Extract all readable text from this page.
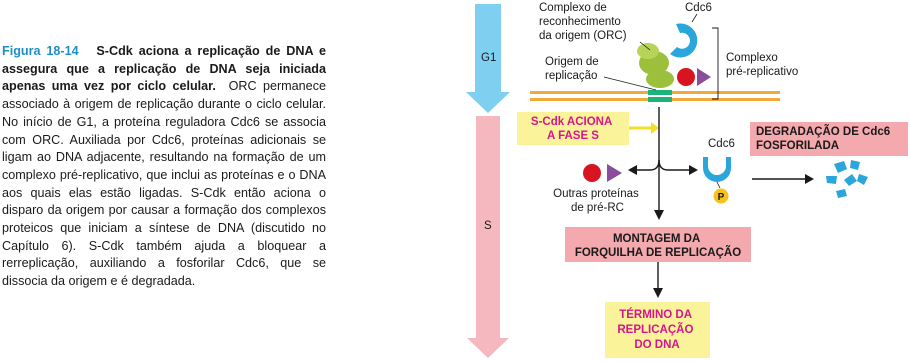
Figura 18-14 S-Cdk aciona a replicação de DNA e assegura que a replicação de DNA seja iniciada apenas uma vez por ciclo celular. ORC permanece associado à origem de replicação durante o ciclo celular. No início de G1, a proteína reguladora Cdc6 se associa com ORC. Auxiliada por Cdc6, proteínas adicionais se ligam ao DNA adjacente, resultando na formação de um complexo pré-replicativo, que inclui as proteínas e o DNA aos quais elas estão ligadas. S-Cdk então aciona o disparo da origem por causar a formação dos complexos proteicos que iniciam a síntese de DNA (discutido no Capítulo 6). S-Cdk também ajuda a bloquear a rerreplicação, auxiliando a fosforilar Cdc6, que se dissocia da origem e é degradada.
G1
S
Complexo de reconhecimento da origem (ORC)
Cdc6
Origem de replicação
Complexo pré-replicativo
S-Cdk ACIONA A FASE S
Outras proteínas de pré-RC
Cdc6
P
DEGRADAÇÃO DE Cdc6 FOSFORILADA
MONTAGEM DA FORQUILHA DE REPLICAÇÃO
TÉRMINO DA REPLICAÇÃO DO DNA
